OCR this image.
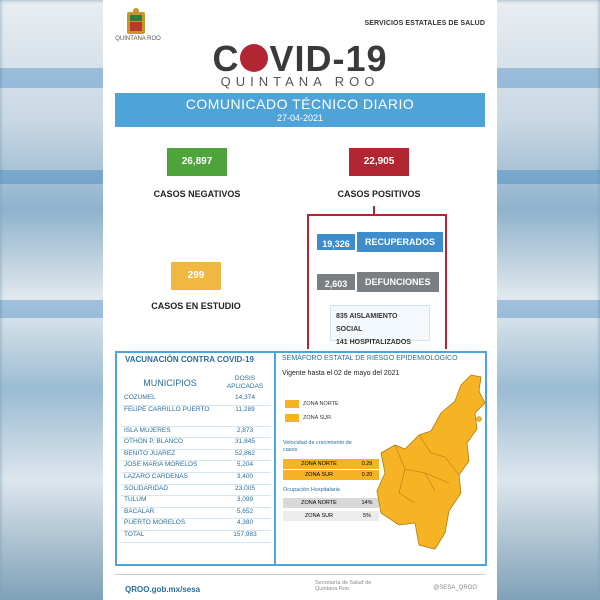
QUINTANA ROO
SERVICIOS ESTATALES DE SALUD
C VID-19
QUINTANA ROO
COMUNICADO TÉCNICO DIARIO
27-04-2021
26,897
CASOS NEGATIVOS
22,905
CASOS POSITIVOS
299
CASOS EN ESTUDIO
19,326	RECUPERADOS
2,603	DEFUNCIONES
835 AISLAMIENTO SOCIAL
141 HOSPITALIZADOS
VACUNACIÓN CONTRA COVID-19
MUNICIPIOS	DOSIS APLICADAS
COZUMEL	14,374
FELIPE CARRILLO PUERTO	11,289
ISLA MUJERES	2,873
OTHON P. BLANCO	31,845
BENITO JUAREZ	52,862
JOSE MARIA MORELOS	5,204
LAZARO CARDENAS	3,400
SOLIDARIDAD	23,005
TULUM	3,099
BACALAR	5,652
PUERTO MORELOS	4,380
TOTAL	157,983
SEMÁFORO ESTATAL DE RIESGO EPIDEMIOLÓGICO
Vigente hasta el 02 de mayo del 2021
ZONA NORTE
ZONA SUR
Velocidad de crecimiento de casos
ZONA NORTE	0.29
ZONA SUR	0.20
Ocupación Hospitalaria
ZONA NORTE	14%
ZONA SUR	5%
QROO.gob.mx/sesa
Secretaría de Salud de Quintana Roo	@SESA_QROO
